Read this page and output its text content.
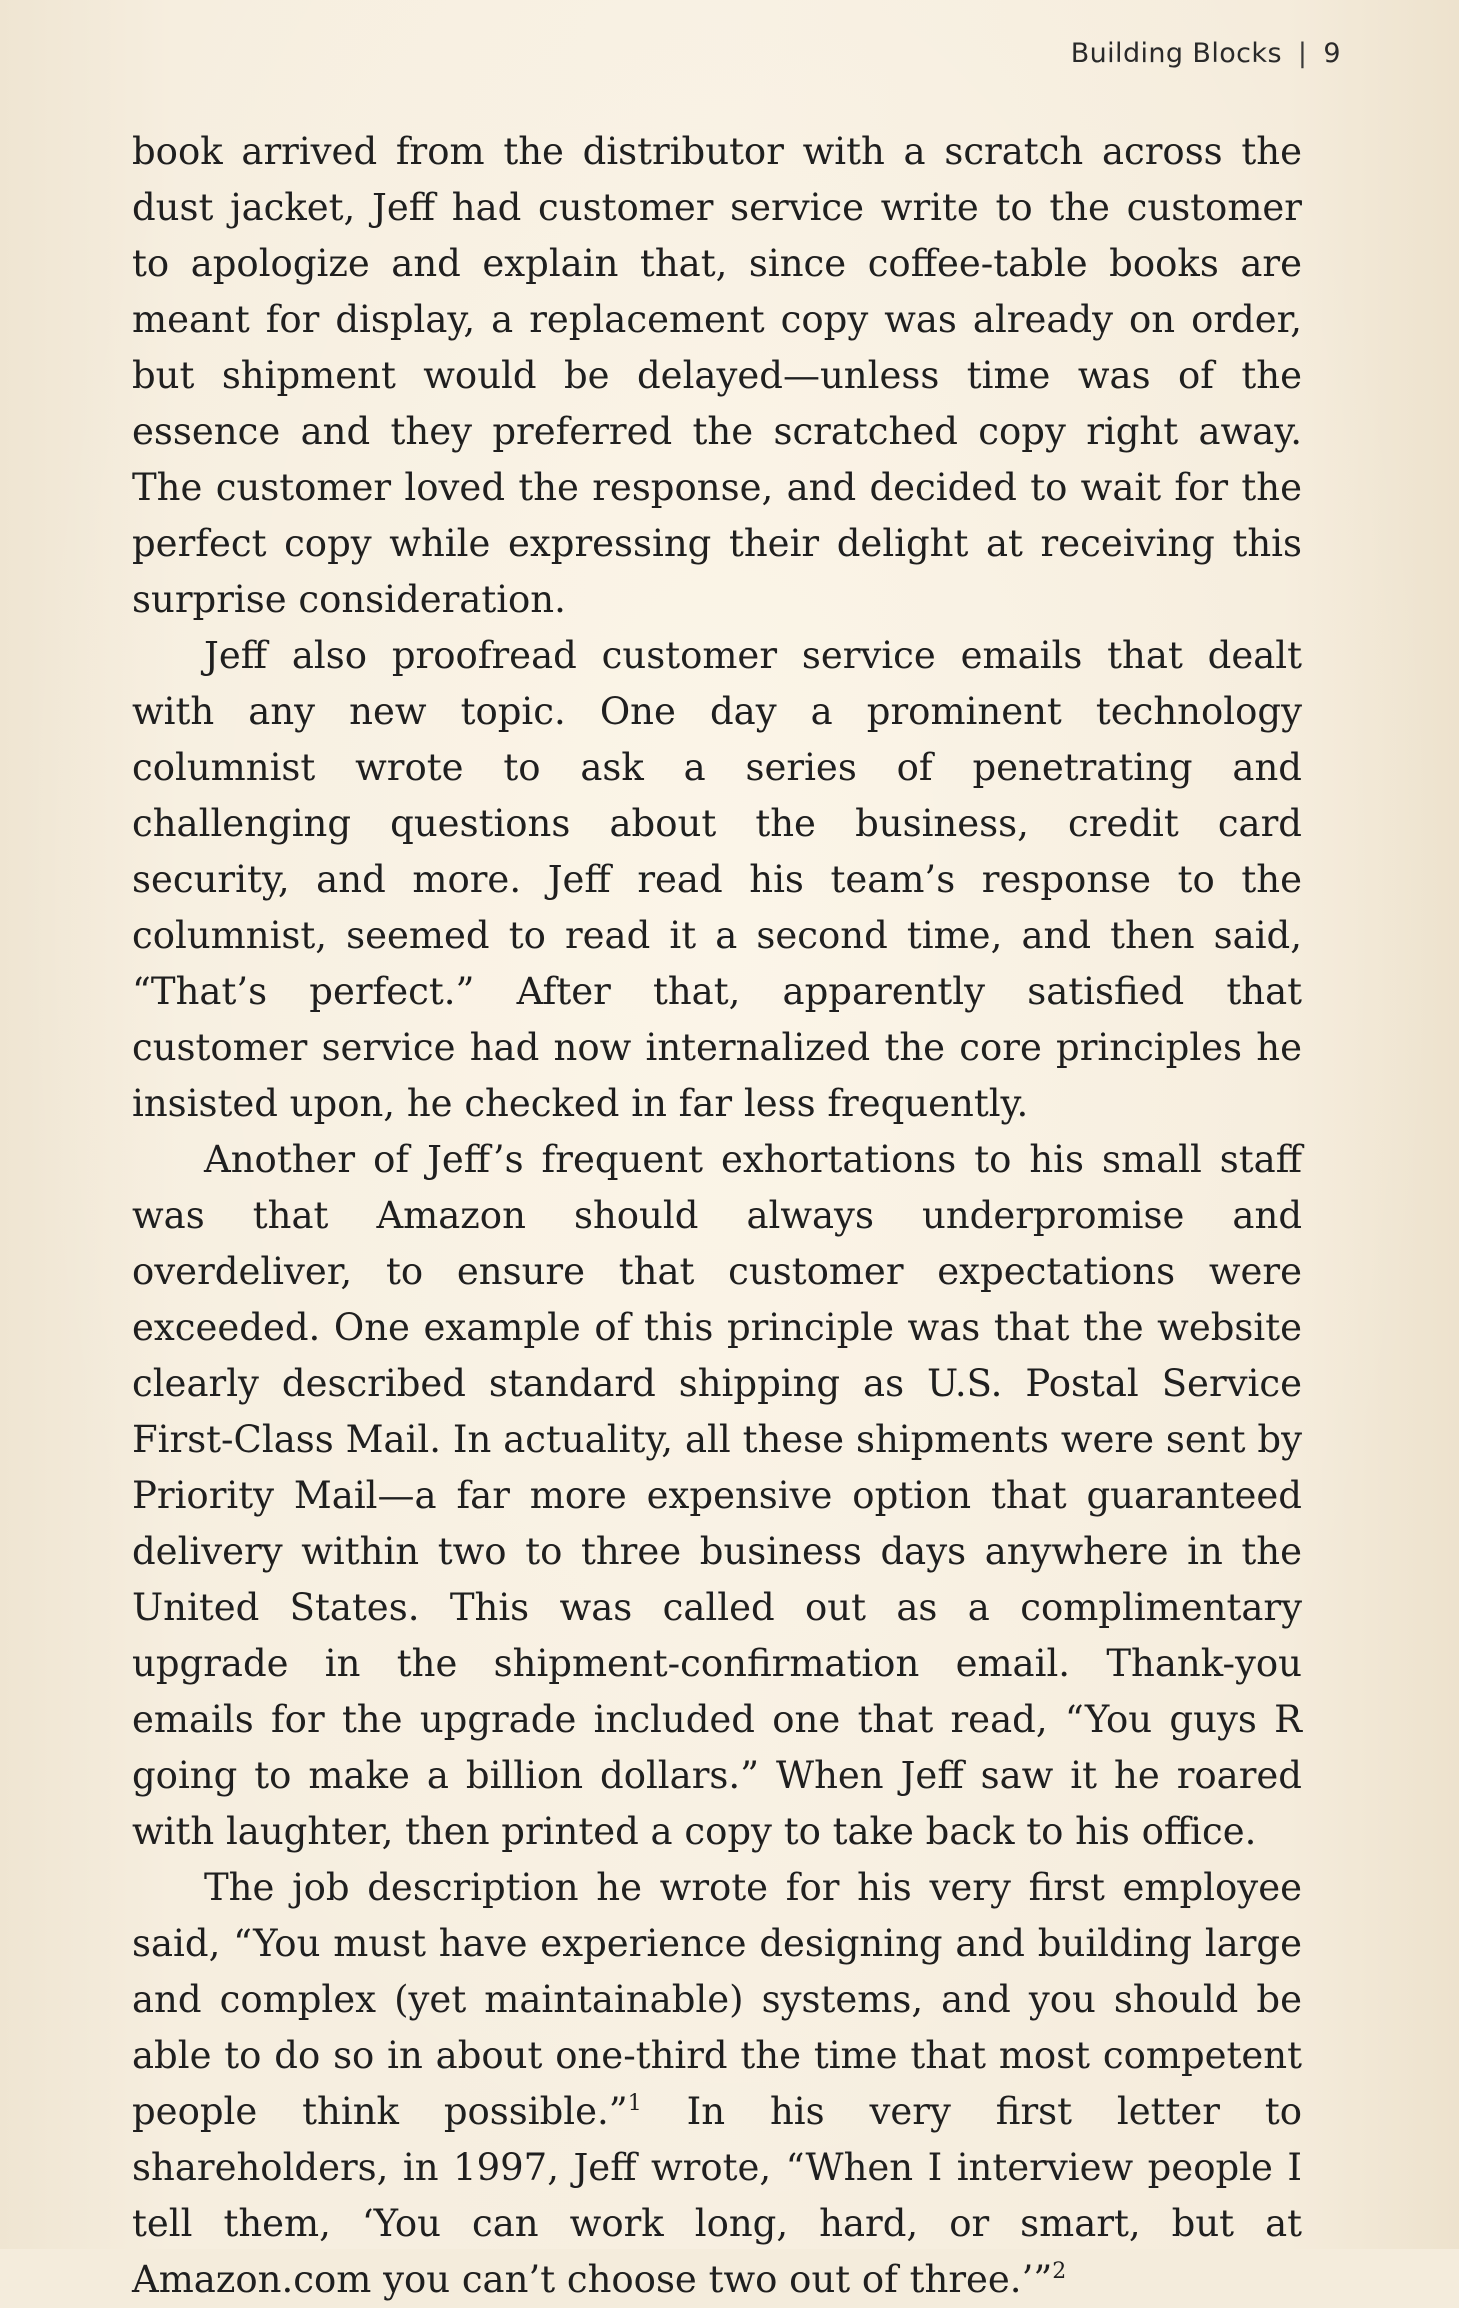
Building Blocks | 9

book arrived from the distributor with a scratch across the dust jacket, Jeff had customer service write to the customer to apologize and explain that, since coffee-table books are meant for display, a replacement copy was already on order, but shipment would be delayed—unless time was of the essence and they preferred the scratched copy right away. The customer loved the response, and decided to wait for the perfect copy while expressing their delight at receiving this surprise consideration.

Jeff also proofread customer service emails that dealt with any new topic. One day a prominent technology columnist wrote to ask a series of penetrating and challenging questions about the business, credit card security, and more. Jeff read his team’s response to the columnist, seemed to read it a second time, and then said, “That’s perfect.” After that, apparently satisfied that customer service had now internalized the core principles he insisted upon, he checked in far less frequently.

Another of Jeff’s frequent exhortations to his small staff was that Amazon should always underpromise and overdeliver, to ensure that customer expectations were exceeded. One example of this principle was that the website clearly described standard shipping as U.S. Postal Service First-Class Mail. In actuality, all these shipments were sent by Priority Mail—a far more expensive option that guaranteed delivery within two to three business days anywhere in the United States. This was called out as a complimentary upgrade in the shipment-confirmation email. Thank-you emails for the upgrade included one that read, “You guys R going to make a billion dollars.” When Jeff saw it he roared with laughter, then printed a copy to take back to his office.

The job description he wrote for his very first employee said, “You must have experience designing and building large and complex (yet maintainable) systems, and you should be able to do so in about one-third the time that most competent people think possible.”$^1$ In his very first letter to shareholders, in 1997, Jeff wrote, “When I interview people I tell them, ‘You can work long, hard, or smart, but at Amazon.com you can’t choose two out of three.’”$^2$
